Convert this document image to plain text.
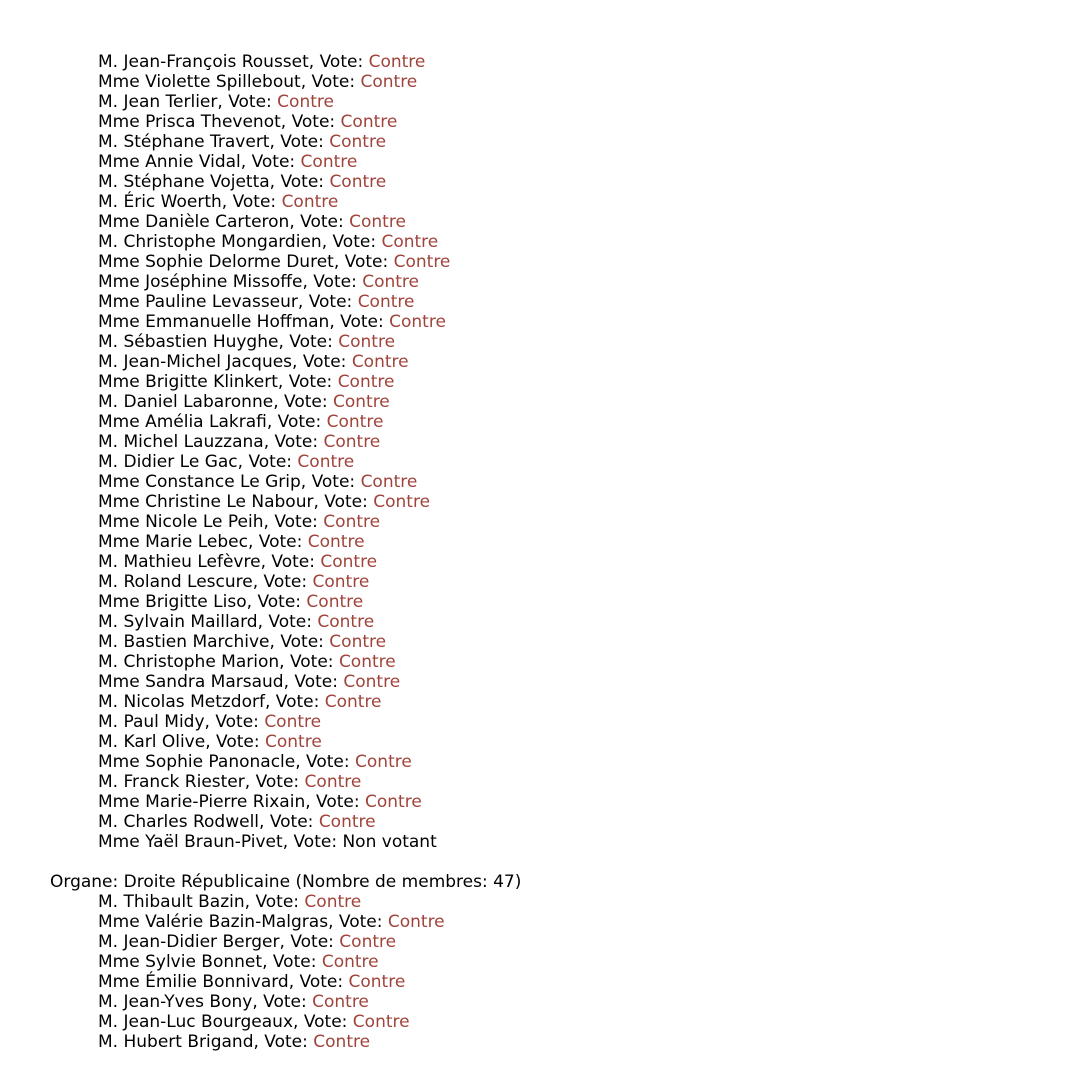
M. Jean-François Rousset, Vote: Contre
Mme Violette Spillebout, Vote: Contre
M. Jean Terlier, Vote: Contre
Mme Prisca Thevenot, Vote: Contre
M. Stéphane Travert, Vote: Contre
Mme Annie Vidal, Vote: Contre
M. Stéphane Vojetta, Vote: Contre
M. Éric Woerth, Vote: Contre
Mme Danièle Carteron, Vote: Contre
M. Christophe Mongardien, Vote: Contre
Mme Sophie Delorme Duret, Vote: Contre
Mme Joséphine Missoffe, Vote: Contre
Mme Pauline Levasseur, Vote: Contre
Mme Emmanuelle Hoffman, Vote: Contre
M. Sébastien Huyghe, Vote: Contre
M. Jean-Michel Jacques, Vote: Contre
Mme Brigitte Klinkert, Vote: Contre
M. Daniel Labaronne, Vote: Contre
Mme Amélia Lakrafi, Vote: Contre
M. Michel Lauzzana, Vote: Contre
M. Didier Le Gac, Vote: Contre
Mme Constance Le Grip, Vote: Contre
Mme Christine Le Nabour, Vote: Contre
Mme Nicole Le Peih, Vote: Contre
Mme Marie Lebec, Vote: Contre
M. Mathieu Lefèvre, Vote: Contre
M. Roland Lescure, Vote: Contre
Mme Brigitte Liso, Vote: Contre
M. Sylvain Maillard, Vote: Contre
M. Bastien Marchive, Vote: Contre
M. Christophe Marion, Vote: Contre
Mme Sandra Marsaud, Vote: Contre
M. Nicolas Metzdorf, Vote: Contre
M. Paul Midy, Vote: Contre
M. Karl Olive, Vote: Contre
Mme Sophie Panonacle, Vote: Contre
M. Franck Riester, Vote: Contre
Mme Marie-Pierre Rixain, Vote: Contre
M. Charles Rodwell, Vote: Contre
Mme Yaël Braun-Pivet, Vote: Non votant
Organe: Droite Républicaine (Nombre de membres: 47)
M. Thibault Bazin, Vote: Contre
Mme Valérie Bazin-Malgras, Vote: Contre
M. Jean-Didier Berger, Vote: Contre
Mme Sylvie Bonnet, Vote: Contre
Mme Émilie Bonnivard, Vote: Contre
M. Jean-Yves Bony, Vote: Contre
M. Jean-Luc Bourgeaux, Vote: Contre
M. Hubert Brigand, Vote: Contre
